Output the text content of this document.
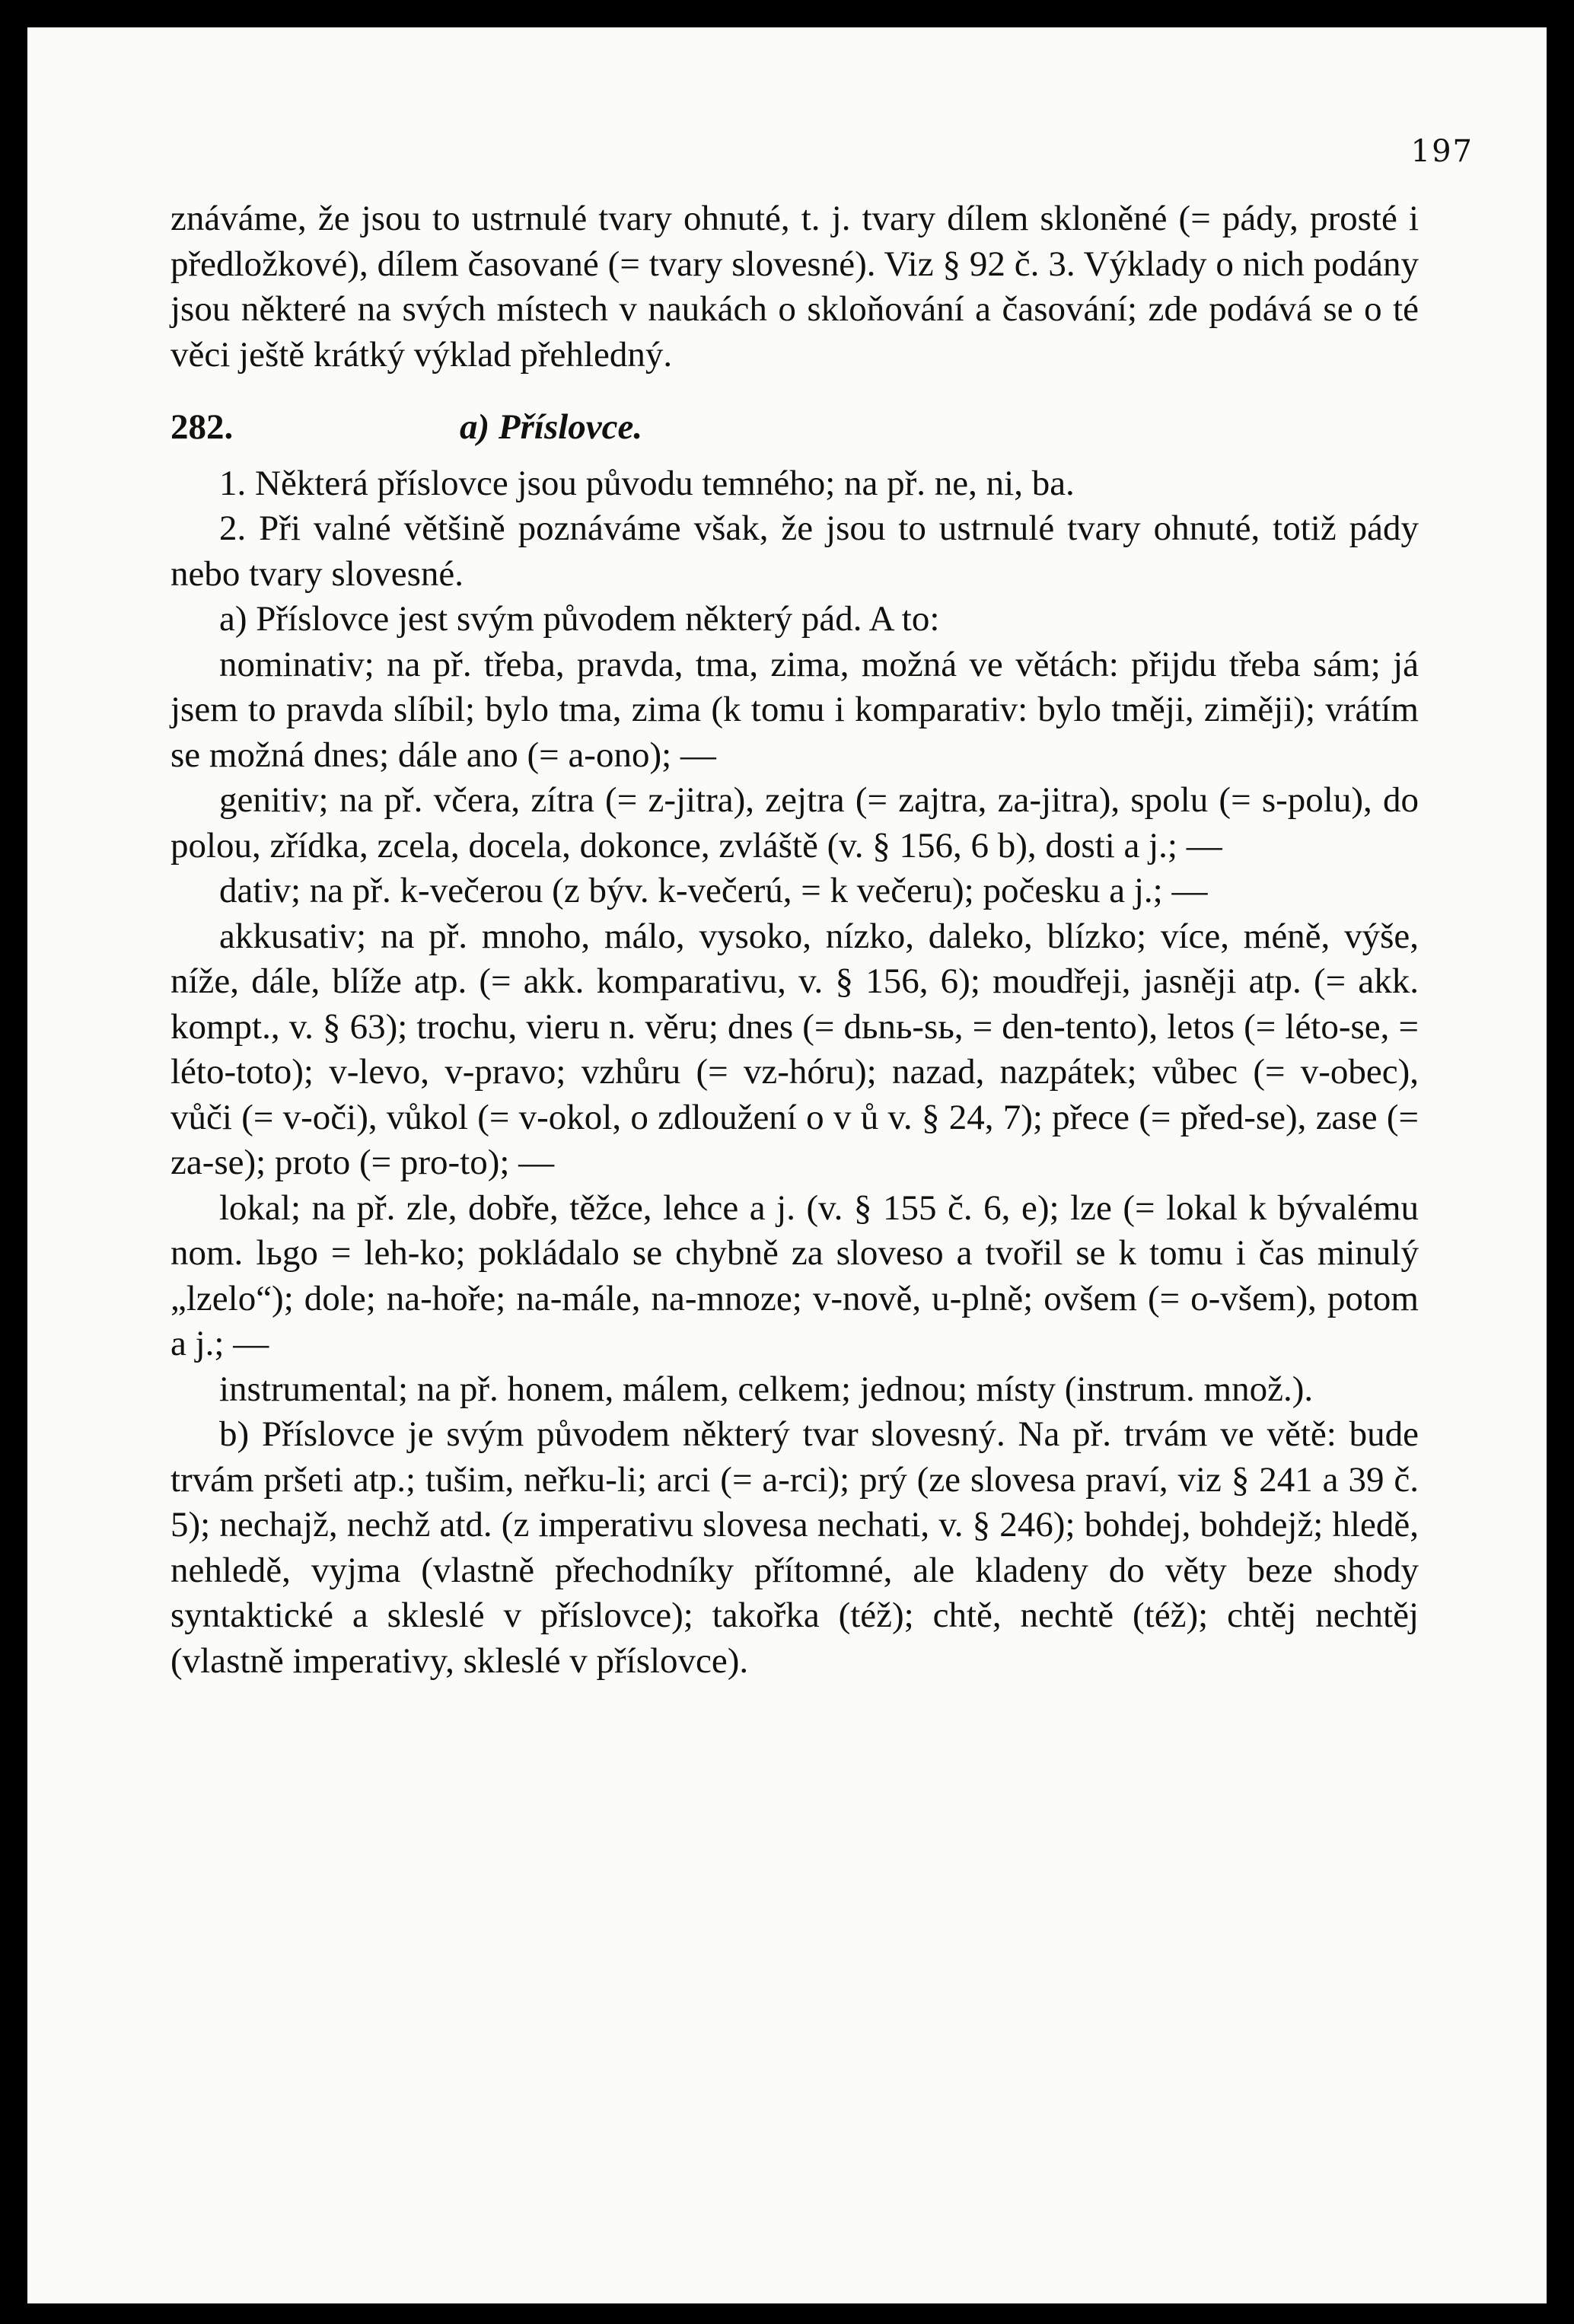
197

znáváme, že jsou to ustrnulé tvary ohnuté, t. j. tvary dílem skloněné (= pády, prosté i předložkové), dílem časované (= tvary slovesné). Viz § 92 č. 3. Výklady o nich podány jsou některé na svých místech v naukách o skloňování a časování; zde podává se o té věci ještě krátký výklad přehledný.

282.	a) Příslovce.

1. Některá příslovce jsou původu temného; na př. ne, ni, ba.

2. Při valné většině poznáváme však, že jsou to ustrnulé tvary ohnuté, totiž pády nebo tvary slovesné.

a) Příslovce jest svým původem některý pád. A to:

nominativ; na př. třeba, pravda, tma, zima, možná ve větách: přijdu třeba sám; já jsem to pravda slíbil; bylo tma, zima (k tomu i komparativ: bylo tměji, ziměji); vrátím se možná dnes; dále ano (= a-ono); —

genitiv; na př. včera, zítra (= z-jitra), zejtra (= zajtra, za-jitra), spolu (= s-polu), do polou, zřídka, zcela, docela, dokonce, zvláště (v. § 156, 6 b), dosti a j.; —

dativ; na př. k-večerou (z býv. k-večerú, = k večeru); počesku a j.; —

akkusativ; na př. mnoho, málo, vysoko, nízko, daleko, blízko; více, méně, výše, níže, dále, blíže atp. (= akk. komparativu, v. § 156, 6); moudřeji, jasněji atp. (= akk. kompt., v. § 63); trochu, vieru n. věru; dnes (= dьnь-sь, = den-tento), letos (= léto-se, = léto-toto); v-levo, v-pravo; vzhůru (= vz-hóru); nazad, nazpátek; vůbec (= v-obec), vůči (= v-oči), vůkol (= v-okol, o zdloužení o v ů v. § 24, 7); přece (= před-se), zase (= za-se); proto (= pro-to); —

lokal; na př. zle, dobře, těžce, lehce a j. (v. § 155 č. 6, e); lze (= lokal k bývalému nom. lьgo = leh-ko; pokládalo se chybně za sloveso a tvořil se k tomu i čas minulý „lzelo“); dole; na-hoře; na-mále, na-mnoze; v-nově, u-plně; ovšem (= o-všem), potom a j.; —

instrumental; na př. honem, málem, celkem; jednou; místy (instrum. množ.).

b) Příslovce je svým původem některý tvar slovesný. Na př. trvám ve větě: bude trvám pršeti atp.; tušim, neřku-li; arci (= a-rci); prý (ze slovesa praví, viz § 241 a 39 č. 5); nechajž, nechž atd. (z imperativu slovesa nechati, v. § 246); bohdej, bohdejž; hledě, nehledě, vyjma (vlastně přechodníky přítomné, ale kladeny do věty beze shody syntaktické a skleslé v příslovce); takořka (též); chtě, nechtě (též); chtěj nechtěj (vlastně imperativy, skleslé v příslovce).
